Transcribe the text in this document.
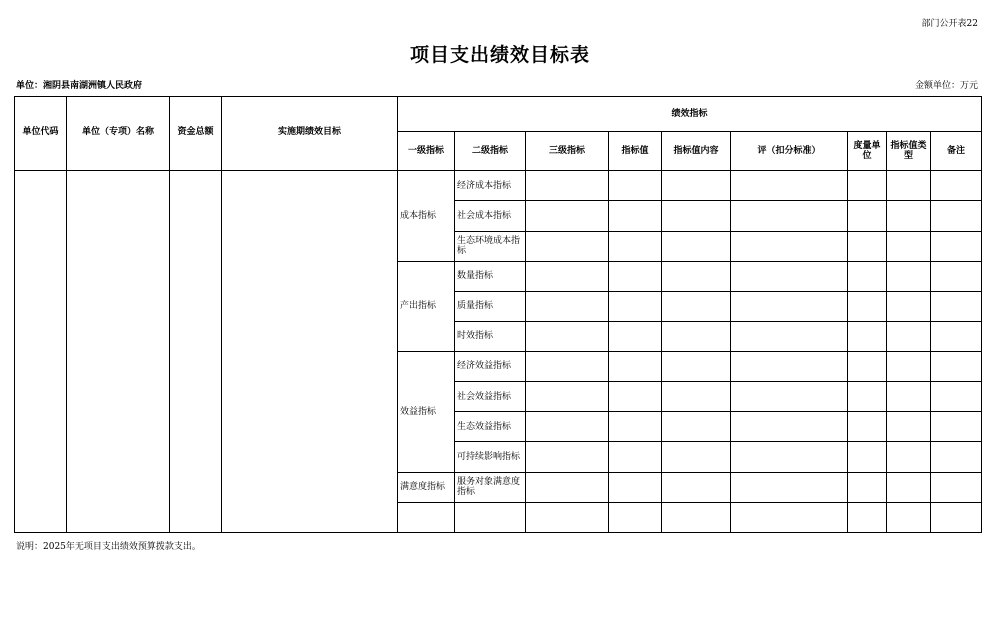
部门公开表22
项目支出绩效目标表
单位：湘阴县南湖洲镇人民政府	金额单位：万元
单位代码	单位（专项）名称	资金总额	实施期绩效目标	绩效指标								
				一级指标	二级指标	三级指标	指标值	指标值内容	评（扣分标准）	度量单位	指标值类型	备注
				成本指标	经济成本指标							
					社会成本指标							
					生态环境成本指标							
				产出指标	数量指标							
					质量指标							
					时效指标							
				效益指标	经济效益指标							
					社会效益指标							
					生态效益指标							
					可持续影响指标							
				满意度指标	服务对象满意度指标							

说明：2025年无项目支出绩效预算拨款支出。
